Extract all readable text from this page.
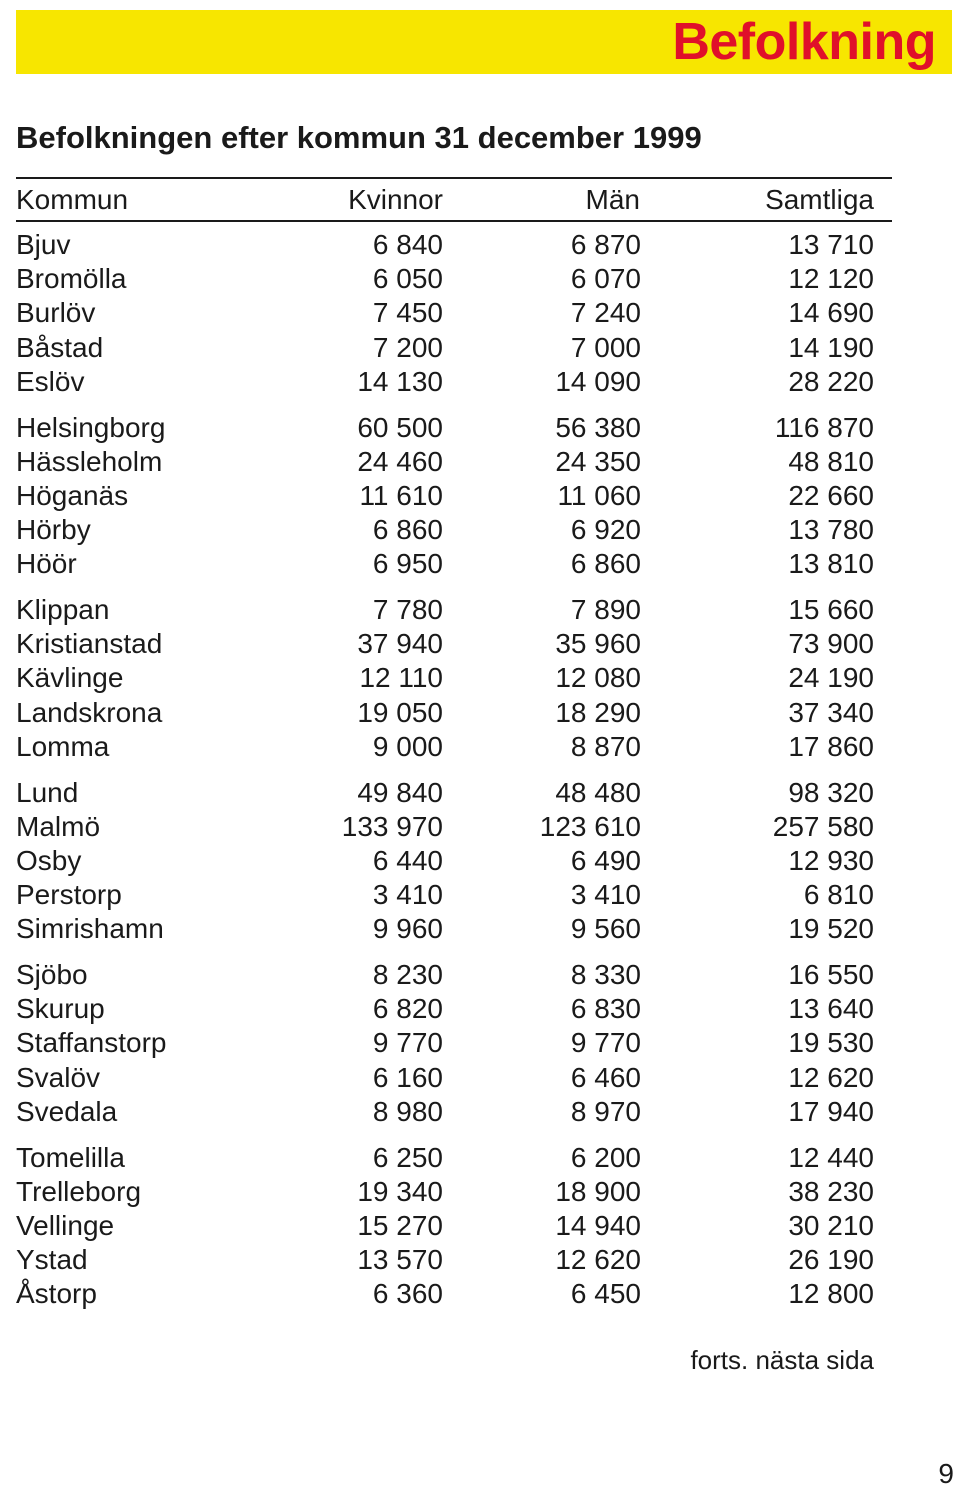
Befolkning
Befolkningen efter kommun 31 december 1999
Kommun	Kvinnor	Män	Samtliga
Bjuv	6 840	6 870	13 710
Bromölla	6 050	6 070	12 120
Burlöv	7 450	7 240	14 690
Båstad	7 200	7 000	14 190
Eslöv	14 130	14 090	28 220
Helsingborg	60 500	56 380	116 870
Hässleholm	24 460	24 350	48 810
Höganäs	11 610	11 060	22 660
Hörby	6 860	6 920	13 780
Höör	6 950	6 860	13 810
Klippan	7 780	7 890	15 660
Kristianstad	37 940	35 960	73 900
Kävlinge	12 110	12 080	24 190
Landskrona	19 050	18 290	37 340
Lomma	9 000	8 870	17 860
Lund	49 840	48 480	98 320
Malmö	133 970	123 610	257 580
Osby	6 440	6 490	12 930
Perstorp	3 410	3 410	6 810
Simrishamn	9 960	9 560	19 520
Sjöbo	8 230	8 330	16 550
Skurup	6 820	6 830	13 640
Staffanstorp	9 770	9 770	19 530
Svalöv	6 160	6 460	12 620
Svedala	8 980	8 970	17 940
Tomelilla	6 250	6 200	12 440
Trelleborg	19 340	18 900	38 230
Vellinge	15 270	14 940	30 210
Ystad	13 570	12 620	26 190
Åstorp	6 360	6 450	12 800
forts. nästa sida
9
